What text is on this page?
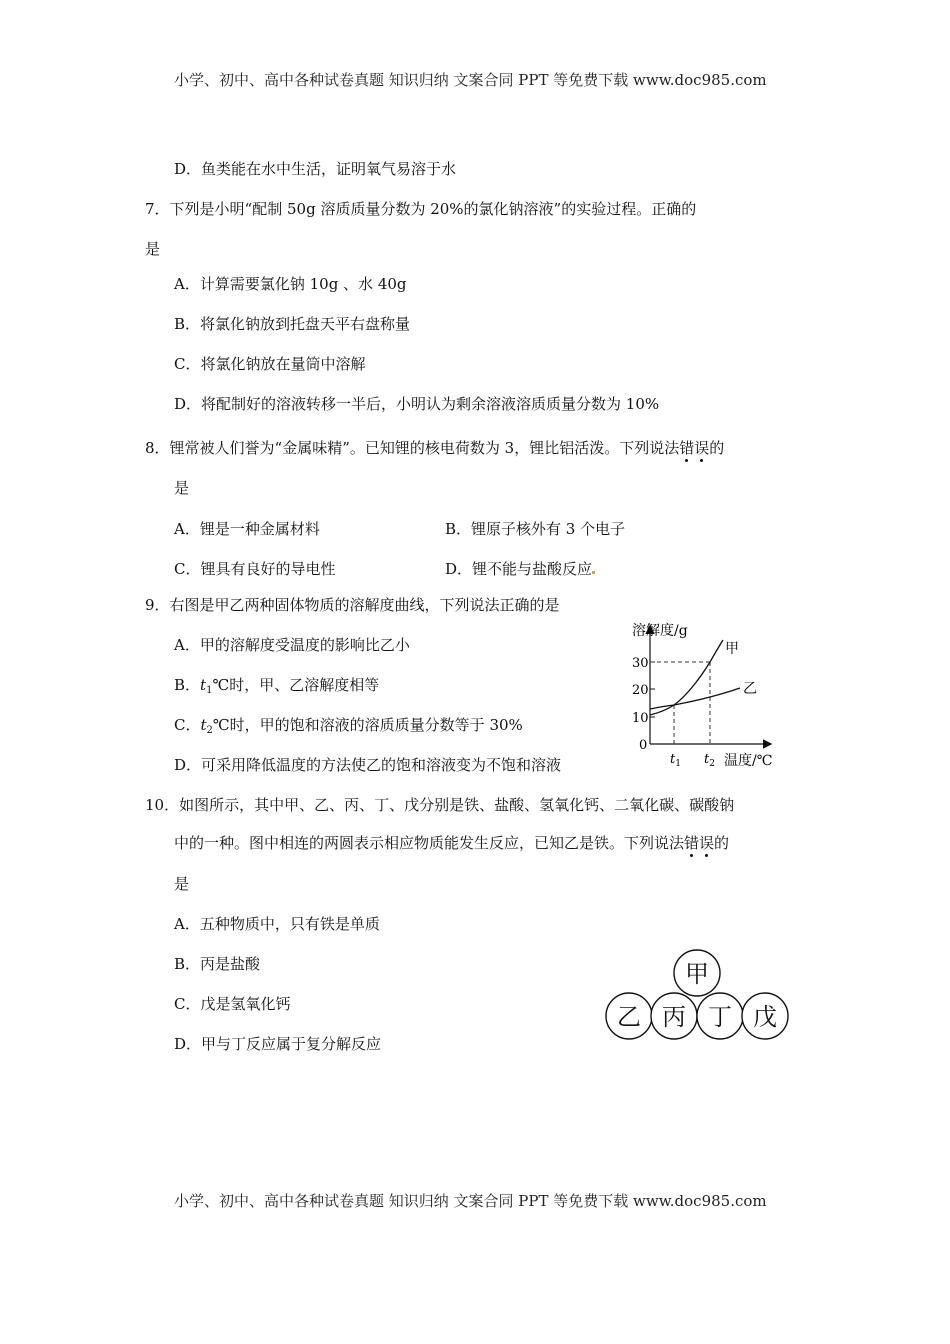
小学、初中、高中各种试卷真题 知识归纳 文案合同 PPT 等免费下载 www.doc985.com
D．鱼类能在水中生活，证明氧气易溶于水
7．下列是小明“配制 50g 溶质质量分数为 20%的氯化钠溶液”的实验过程。正确的
是
A．计算需要氯化钠 10g 、水 40g
B．将氯化钠放到托盘天平右盘称量
C．将氯化钠放在量筒中溶解
D．将配制好的溶液转移一半后，小明认为剩余溶液溶质质量分数为 10%
8．锂常被人们誉为“金属味精”。已知锂的核电荷数为 3，锂比铝活泼。下列说法错
误
的
是
A．锂是一种金属材料	B．锂原子核外有 3 个电子
C．锂具有良好的导电性	D．锂不能与盐酸反应
9．右图是甲乙两种固体物质的溶解度曲线，下列说法正确的是
A．甲的溶解度受温度的影响比乙小
B．$t_1℃$时，甲、乙溶解度相等
C．$t_2℃$时，甲的饱和溶液的溶质质量分数等于 30%
D．可采用降低温度的方法使乙的饱和溶液变为不饱和溶液
溶解度/g
甲
乙
30
20
10
0
$t_1$ $t_2$ 温度/℃
10．如图所示，其中甲、乙、丙、丁、戊分别是铁、盐酸、氢氧化钙、二氧化碳、碳酸钠
中的一种。图中相连的两圆表示相应物质能发生反应，已知乙是铁。下列说法错
误
的
是
A．五种物质中，只有铁是单质
B．丙是盐酸
C．戊是氢氧化钙
D．甲与丁反应属于复分解反应
甲
乙 丙 丁 戊
小学、初中、高中各种试卷真题 知识归纳 文案合同 PPT 等免费下载 www.doc985.com
